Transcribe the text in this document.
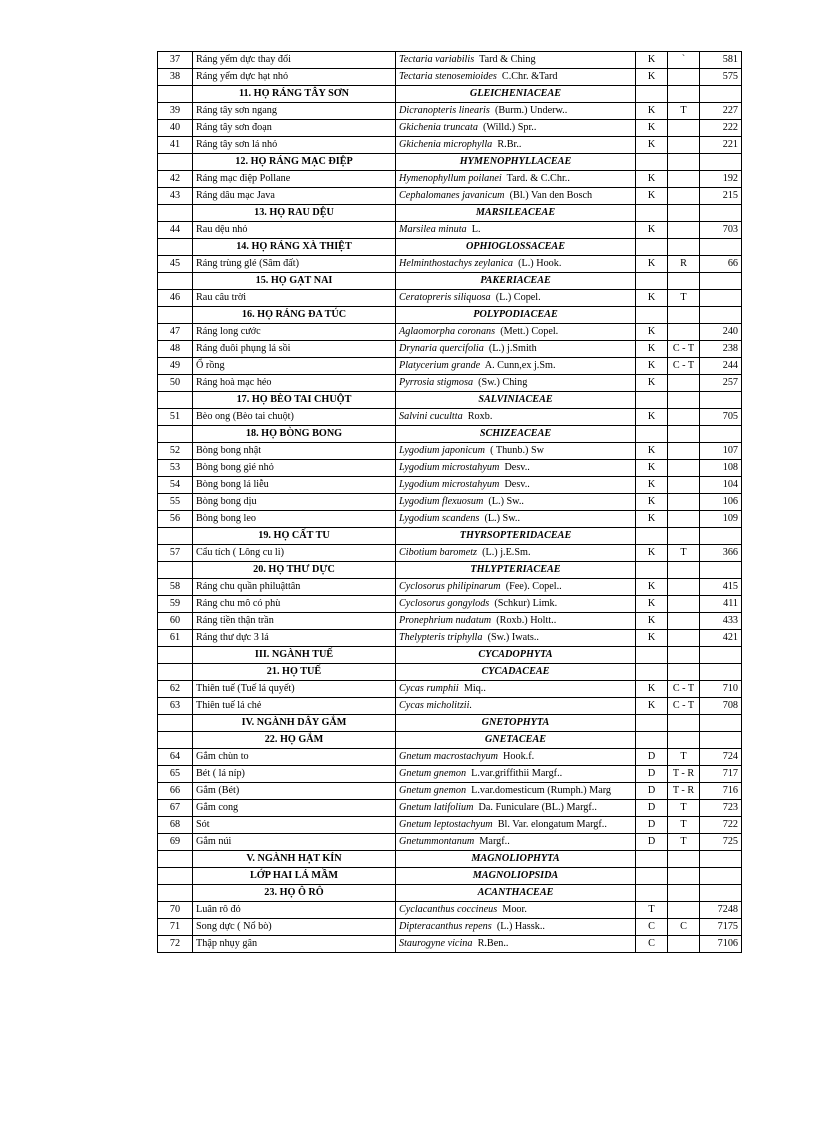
37	Ráng yểm dực thay đổi	Tectaria variabilis Tard & Ching	K	`	581
38	Ráng yểm dực hạt nhỏ	Tectaria stenosemioides C.Chr. &Tard	K		575
	11. HỌ RÁNG TÂY SƠN	GLEICHENIACEAE			
39	Ráng tây sơn ngang	Dicranopteris linearis (Burm.) Underw..	K	T	227
40	Ráng tây sơn đoạn	Gkichenia truncata (Willd.) Spr..	K		222
41	Ráng tây sơn lá nhỏ	Gkichenia microphylla R.Br..	K		221
	12. HỌ RÁNG MẠC ĐIỆP	HYMENOPHYLLACEAE			
42	Ráng mạc điệp Pollane	Hymenophyllum poilanei Tard. & C.Chr..	K		192
43	Ráng dâu mạc Java	Cephalomanes javanicum (Bl.) Van den Bosch	K		215
	13. HỌ RAU DỆU	MARSILEACEAE			
44	Rau dệu nhỏ	Marsilea minuta L.	K		703
	14. HỌ RÁNG XÀ THIỆT	OPHIOGLOSSACEAE			
45	Ráng trùng glé (Sâm đất)	Helminthostachys zeylanica (L.) Hook.	K	R	66
	15. HỌ GẠT NAI	PAKERIACEAE			
46	Rau câu trời	Ceratopreris siliquosa (L.) Copel.	K	T	
	16. HỌ RÁNG ĐA TÚC	POLYPODIACEAE			
47	Ráng long cước	Aglaomorpha coronans (Mett.) Copel.	K		240
48	Ráng đuôi phụng lá sồi	Drynaria quercifolia (L.) j.Smith	K	C - T	238
49	Ổ rồng	Platycerium grande A. Cunn,ex j.Sm.	K	C - T	244
50	Ráng hoà mạc héo	Pyrrosia stigmosa (Sw.) Ching	K		257
	17. HỌ BÈO TAI CHUỘT	SALVINIACEAE			
51	Bèo ong (Bèo tai chuột)	Salvini cucultta Roxb.	K		705
	18. HỌ BÒNG BONG	SCHIZEACEAE			
52	Bòng bong nhật	Lygodium japonicum ( Thunb.) Sw	K		107
53	Bòng bong gié nhỏ	Lygodium microstahyum Desv..	K		108
54	Bòng bong lá liễu	Lygodium microstahyum Desv..	K		104
55	Bòng bong dịu	Lygodium flexuosum (L.) Sw..	K		106
56	Bòng bong leo	Lygodium scandens (L.) Sw..	K		109
	19. HỌ CẤT TU	THYRSOPTERIDACEAE			
57	Cẩu tích ( Lông cu li)	Cibotium barometz (L.) j.E.Sm.	K	T	366
	20. HỌ THƯ DỰC	THLYPTERIACEAE			
58	Ráng chu quần philuậttân	Cyclosorus philipinarum (Fee). Copel..	K		415
59	Ráng chu mô có phù	Cyclosorus gongylods (Schkur) Limk.	K		411
60	Ráng tiền thận trần	Pronephrium nudatum (Roxb.) Holtt..	K		433
61	Ráng thư dực 3 lá	Thelypteris triphylla (Sw.) Iwats..	K		421
	III. NGÀNH TUẾ	CYCADOPHYTA			
	21. HỌ TUẾ	CYCADACEAE			
62	Thiên tuế (Tuế lá quyết)	Cycas rumphii Miq..	K	C - T	710
63	Thiên tuế lá chẻ	Cycas micholitzii.	K	C - T	708
	IV. NGÀNH DÂY GẮM	GNETOPHYTA			
	22. HỌ GẮM	GNETACEAE			
64	Gắm chùn to	Gnetum macrostachyum Hook.f.	D	T	724
65	Bét ( lá níp)	Gnetum gnemon L.var.griffithii Margf..	D	T - R	717
66	Gắm (Bét)	Gnetum gnemon L.var.domesticum (Rumph.) Marg	D	T - R	716
67	Gắm cong	Gnetum latifolium Da. Funiculare (BL.) Margf..	D	T	723
68	Sót	Gnetum leptostachyum Bl. Var. elongatum Margf..	D	T	722
69	Gắm núi	Gnetummontanum Margf..	D	T	725
	V. NGÀNH HẠT KÍN	MAGNOLIOPHYTA			
	LỚP HAI LÁ MẦM	MAGNOLIOPSIDA			
	23. HỌ Ô RÔ	ACANTHACEAE			
70	Luân rô đỏ	Cyclacanthus coccineus Moor.	T		7248
71	Song dực ( Nổ bò)	Dipteracanthus repens (L.) Hassk..	C	C	7175
72	Thập nhụy gân	Staurogyne vicina R.Ben..	C		7106
